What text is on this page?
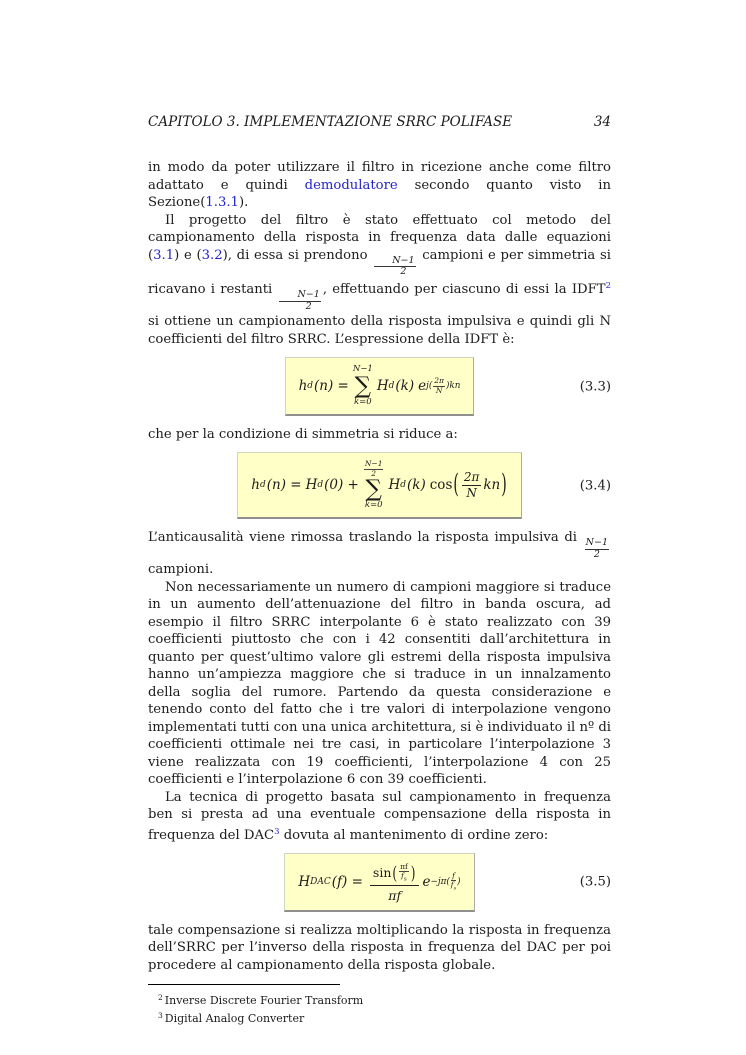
CAPITOLO 3. IMPLEMENTAZIONE SRRC POLIFASE	34

in modo da poter utilizzare il filtro in ricezione anche come filtro adattato e quindi demodulatore secondo quanto visto in Sezione(1.3.1).

Il progetto del filtro è stato effettuato col metodo del campionamento della risposta in frequenza data dalle equazioni (3.1) e (3.2), di essa si prendono
$\frac{N-1}{2}$
campioni e per simmetria si ricavano i restanti
$\frac{N-1}{2}$
, effettuando per ciascuno di essi la IDFT$^2$ si ottiene un campionamento della risposta impulsiva e quindi gli N coefficienti del filtro SRRC. L’espressione della IDFT è:

h d (n) =
N−1
∑
k=0
H d (k) e j( 2π
N )kn	(3.3)

che per la condizione di simmetria si riduce a:

h d (n) = H d (0) +
$\frac{N-1}{2}$
∑
k=0
H d (k) cos ( 2π
N kn )	(3.4)

L’anticausalità viene rimossa traslando la risposta impulsiva di
$\frac{N-1}{2}$
campioni.

Non necessariamente un numero di campioni maggiore si traduce in un aumento dell’attenuazione del filtro in banda oscura, ad esempio il filtro SRRC interpolante 6 è stato realizzato con 39 coefficienti piuttosto che con i 42 consentiti dall’architettura in quanto per quest’ultimo valore gli estremi della risposta impulsiva hanno un’ampiezza maggiore che si traduce in un innalzamento della soglia del rumore. Partendo da questa considerazione e tenendo conto del fatto che i tre valori di interpolazione vengono implementati tutti con una unica architettura, si è individuato il nº di coefficienti ottimale nei tre casi, in particolare l’interpolazione 3 viene realizzata con 19 coefficienti, l’interpolazione 4 con 25 coefficienti e l’interpolazione 6 con 39 coefficienti.

La tecnica di progetto basata sul campionamento in frequenza ben si presta ad una eventuale compensazione della risposta in frequenza del DAC$^3$ dovuta al mantenimento di ordine zero:

H DAC (f) =
sin ( πf
$f_s$ )
πf
e −jπ(
f
$f_s$
)	(3.5)

tale compensazione si realizza moltiplicando la risposta in frequenza dell’SRRC per l’inverso della risposta in frequenza del DAC per poi procedere al campionamento della risposta globale.

$^2$ Inverse Discrete Fourier Transform
$^3$ Digital Analog Converter
